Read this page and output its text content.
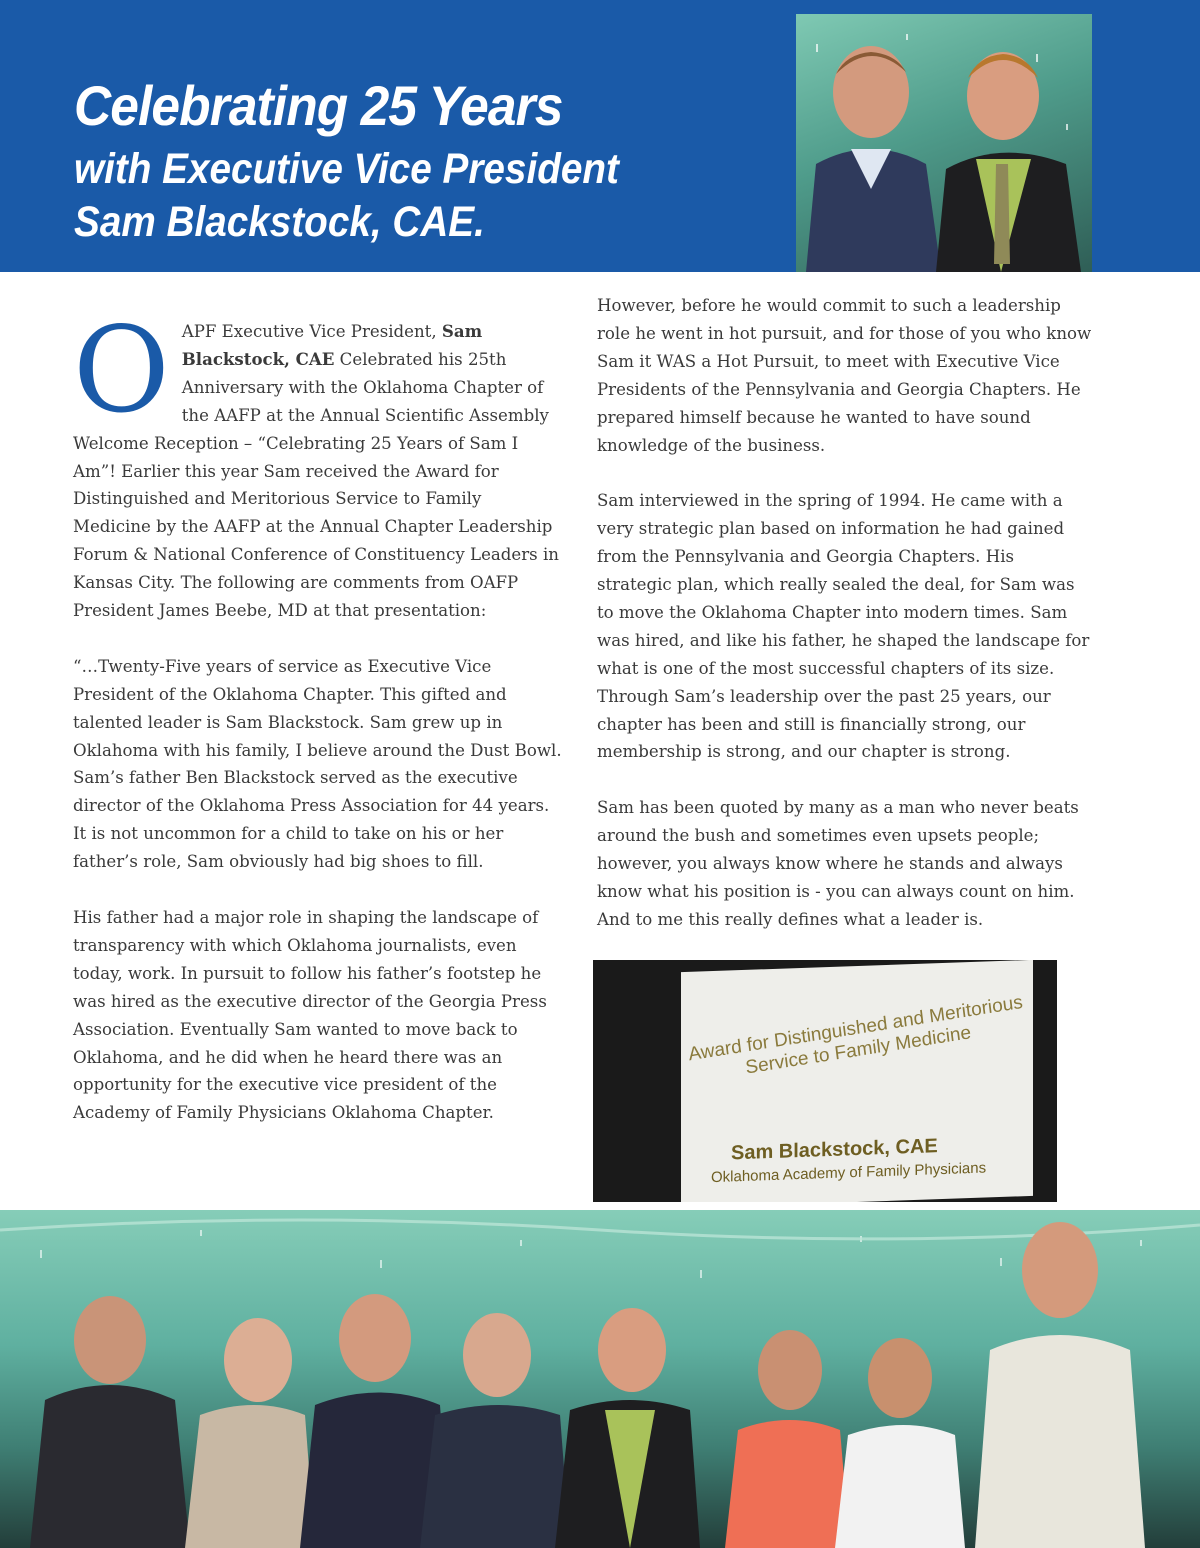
Celebrating 25 Years
with Executive Vice President
Sam Blackstock, CAE.

OAPF Executive Vice President, Sam Blackstock, CAE Celebrated his 25th Anniversary with the Oklahoma Chapter of the AAFP at the Annual Scientific Assembly Welcome Reception – “Celebrating 25 Years of Sam I Am”! Earlier this year Sam received the Award for Distinguished and Meritorious Service to Family Medicine by the AAFP at the Annual Chapter Leadership Forum & National Conference of Constituency Leaders in Kansas City. The following are comments from OAFP President James Beebe, MD at that presentation:

“…Twenty-Five years of service as Executive Vice President of the Oklahoma Chapter. This gifted and talented leader is Sam Blackstock. Sam grew up in Oklahoma with his family, I believe around the Dust Bowl. Sam’s father Ben Blackstock served as the executive director of the Oklahoma Press Association for 44 years. It is not uncommon for a child to take on his or her father’s role, Sam obviously had big shoes to fill.

His father had a major role in shaping the landscape of transparency with which Oklahoma journalists, even today, work. In pursuit to follow his father’s footstep he was hired as the executive director of the Georgia Press Association. Eventually Sam wanted to move back to Oklahoma, and he did when he heard there was an opportunity for the executive vice president of the Academy of Family Physicians Oklahoma Chapter.

However, before he would commit to such a leadership role he went in hot pursuit, and for those of you who know Sam it WAS a Hot Pursuit, to meet with Executive Vice Presidents of the Pennsylvania and Georgia Chapters. He prepared himself because he wanted to have sound knowledge of the business.

Sam interviewed in the spring of 1994. He came with a very strategic plan based on information he had gained from the Pennsylvania and Georgia Chapters. His strategic plan, which really sealed the deal, for Sam was to move the Oklahoma Chapter into modern times. Sam was hired, and like his father, he shaped the landscape for what is one of the most successful chapters of its size. Through Sam’s leadership over the past 25 years, our chapter has been and still is financially strong, our membership is strong, and our chapter is strong.

Sam has been quoted by many as a man who never beats around the bush and sometimes even upsets people; however, you always know where he stands and always know what his position is - you can always count on him. And to me this really defines what a leader is.

Award for Distinguished and Meritorious Service to Family Medicine
Sam Blackstock, CAE
Oklahoma Academy of Family Physicians
